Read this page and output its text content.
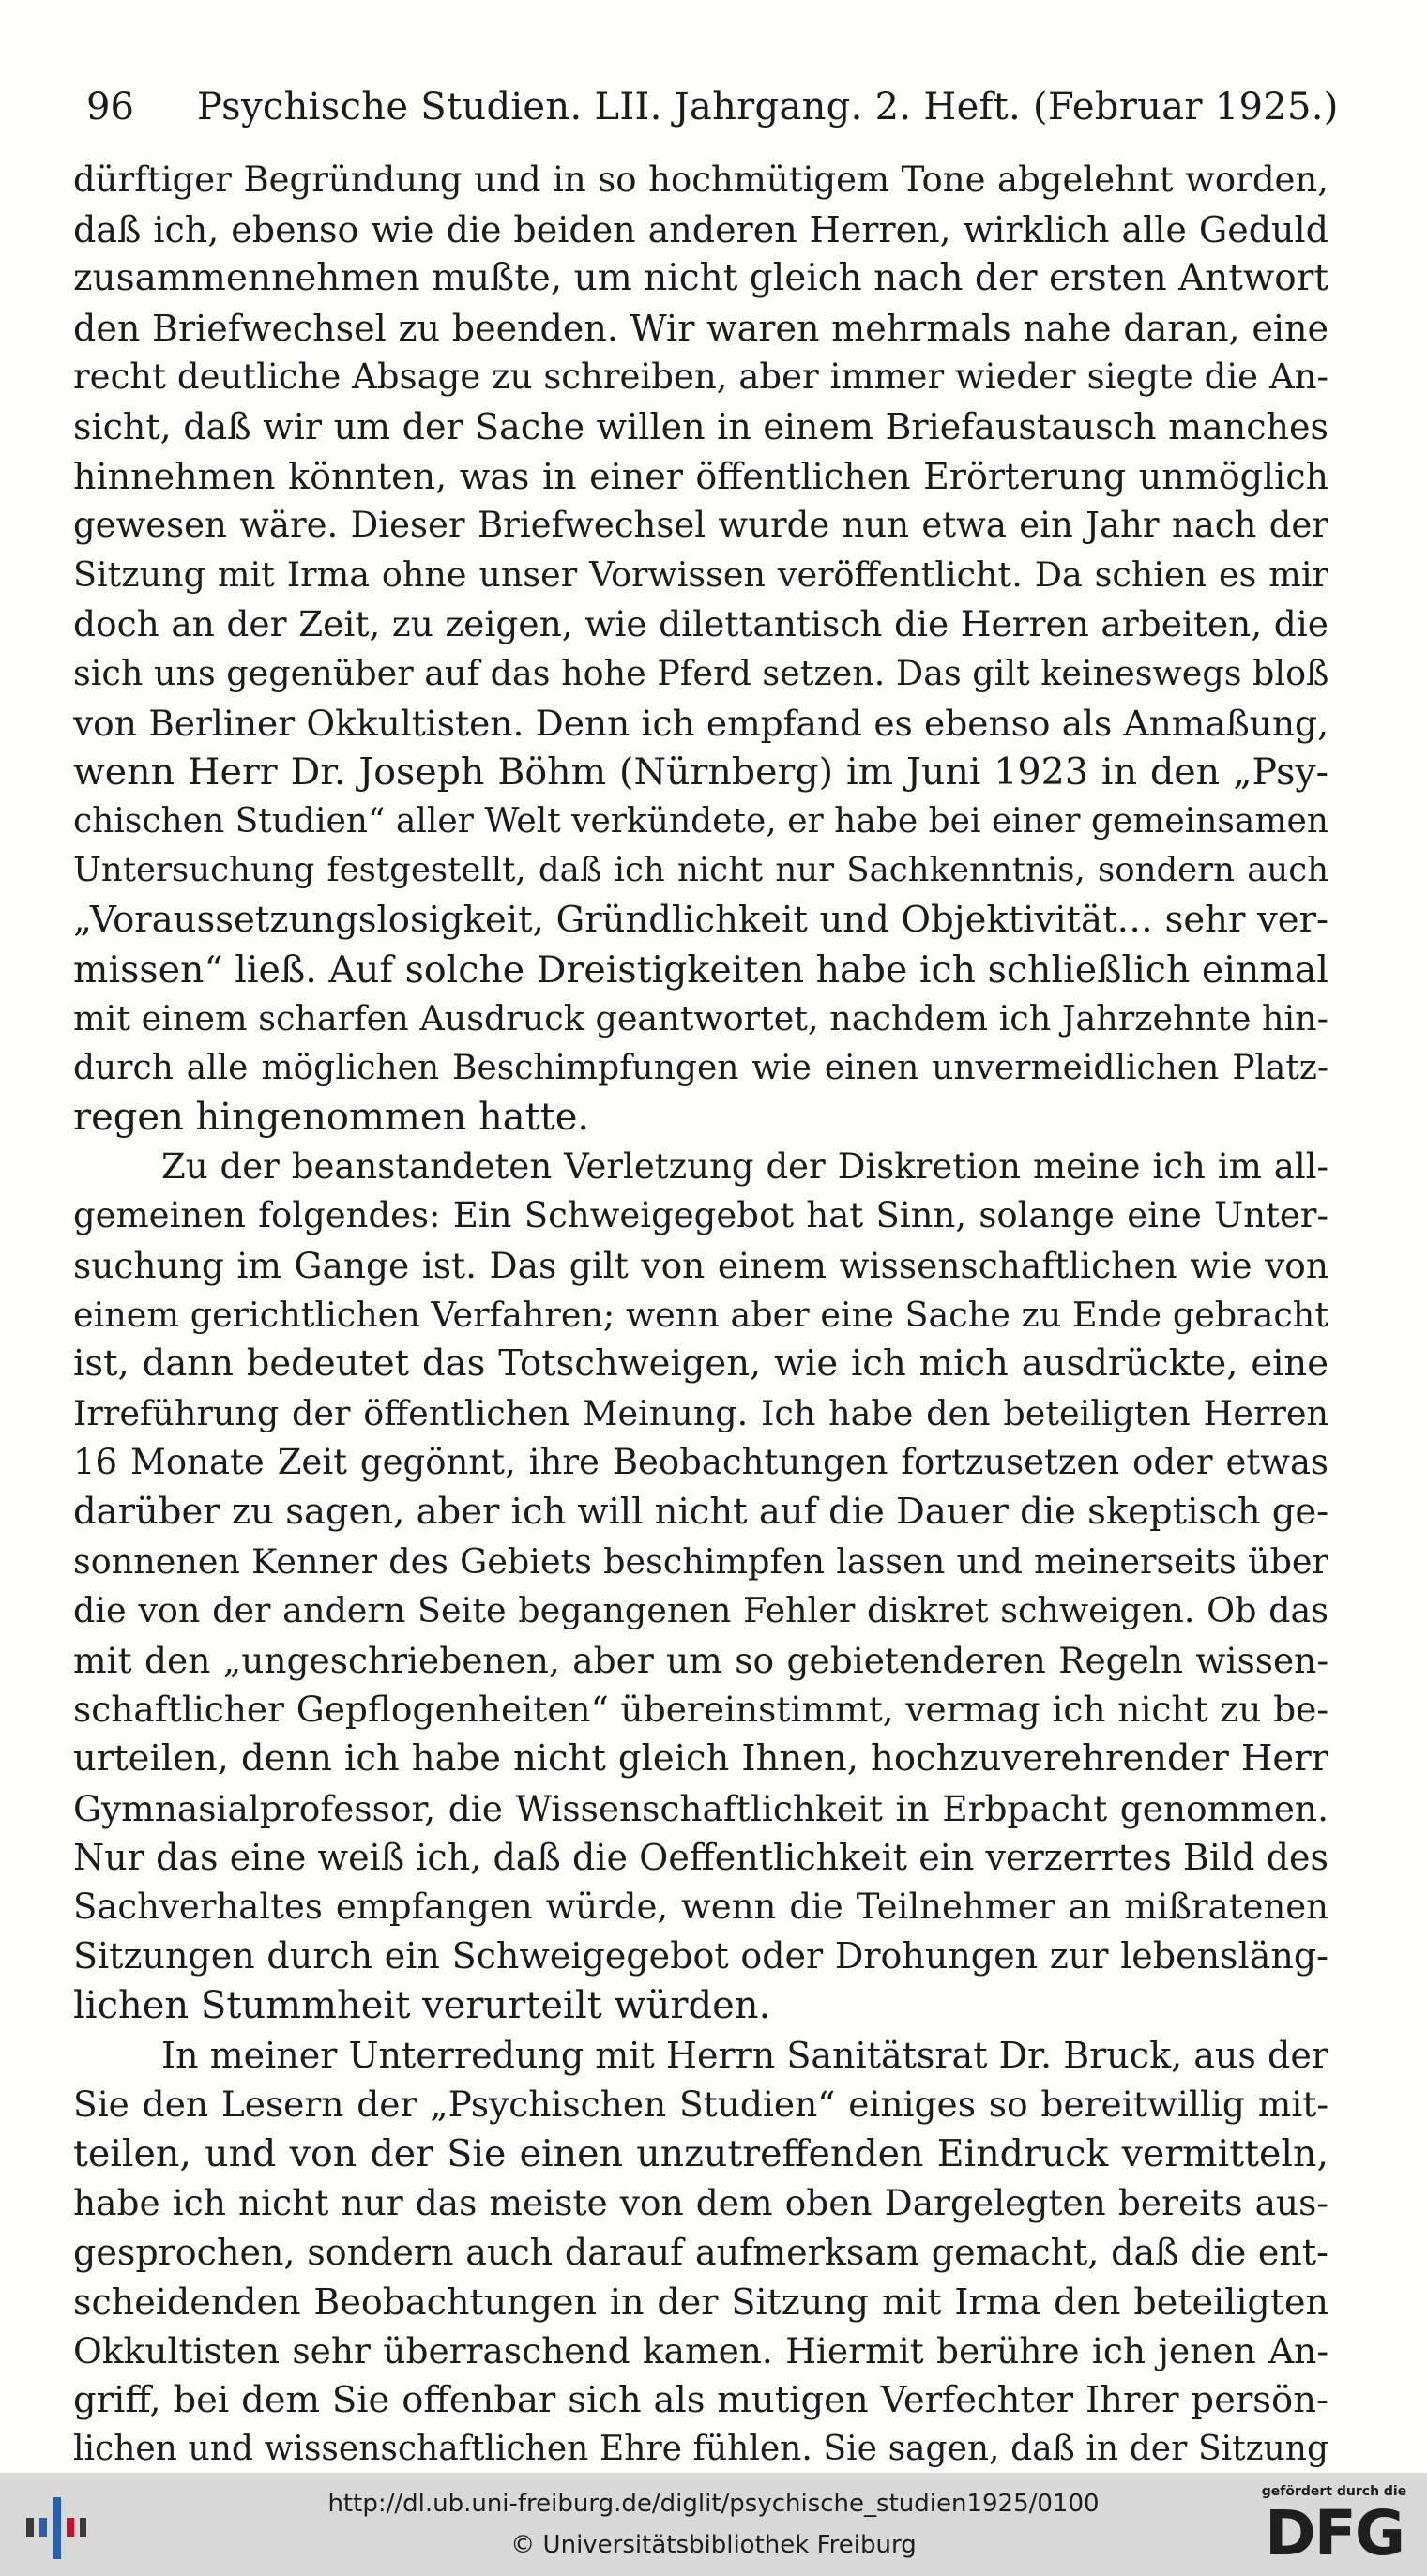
96 Psychische Studien. LII. Jahrgang. 2. Heft. (Februar 1925.)
dürftiger Begründung und in so hochmütigem Tone abgelehnt worden,
daß ich, ebenso wie die beiden anderen Herren, wirklich alle Geduld
zusammennehmen mußte, um nicht gleich nach der ersten Antwort
den Briefwechsel zu beenden. Wir waren mehrmals nahe daran, eine
recht deutliche Absage zu schreiben, aber immer wieder siegte die An-
sicht, daß wir um der Sache willen in einem Briefaustausch manches
hinnehmen könnten, was in einer öffentlichen Erörterung unmöglich
gewesen wäre. Dieser Briefwechsel wurde nun etwa ein Jahr nach der
Sitzung mit Irma ohne unser Vorwissen veröffentlicht. Da schien es mir
doch an der Zeit, zu zeigen, wie dilettantisch die Herren arbeiten, die
sich uns gegenüber auf das hohe Pferd setzen. Das gilt keineswegs bloß
von Berliner Okkultisten. Denn ich empfand es ebenso als Anmaßung,
wenn Herr Dr. Joseph Böhm (Nürnberg) im Juni 1923 in den „Psy-
chischen Studien“ aller Welt verkündete, er habe bei einer gemeinsamen
Untersuchung festgestellt, daß ich nicht nur Sachkenntnis, sondern auch
„Voraussetzungslosigkeit, Gründlichkeit und Objektivität… sehr ver-
missen“ ließ. Auf solche Dreistigkeiten habe ich schließlich einmal
mit einem scharfen Ausdruck geantwortet, nachdem ich Jahrzehnte hin-
durch alle möglichen Beschimpfungen wie einen unvermeidlichen Platz-
regen hingenommen hatte.
Zu der beanstandeten Verletzung der Diskretion meine ich im all-
gemeinen folgendes: Ein Schweigegebot hat Sinn, solange eine Unter-
suchung im Gange ist. Das gilt von einem wissenschaftlichen wie von
einem gerichtlichen Verfahren; wenn aber eine Sache zu Ende gebracht
ist, dann bedeutet das Totschweigen, wie ich mich ausdrückte, eine
Irreführung der öffentlichen Meinung. Ich habe den beteiligten Herren
16 Monate Zeit gegönnt, ihre Beobachtungen fortzusetzen oder etwas
darüber zu sagen, aber ich will nicht auf die Dauer die skeptisch ge-
sonnenen Kenner des Gebiets beschimpfen lassen und meinerseits über
die von der andern Seite begangenen Fehler diskret schweigen. Ob das
mit den „ungeschriebenen, aber um so gebietenderen Regeln wissen-
schaftlicher Gepflogenheiten“ übereinstimmt, vermag ich nicht zu be-
urteilen, denn ich habe nicht gleich Ihnen, hochzuverehrender Herr
Gymnasialprofessor, die Wissenschaftlichkeit in Erbpacht genommen.
Nur das eine weiß ich, daß die Oeffentlichkeit ein verzerrtes Bild des
Sachverhaltes empfangen würde, wenn die Teilnehmer an mißratenen
Sitzungen durch ein Schweigegebot oder Drohungen zur lebensläng-
lichen Stummheit verurteilt würden.
In meiner Unterredung mit Herrn Sanitätsrat Dr. Bruck, aus der
Sie den Lesern der „Psychischen Studien“ einiges so bereitwillig mit-
teilen, und von der Sie einen unzutreffenden Eindruck vermitteln,
habe ich nicht nur das meiste von dem oben Dargelegten bereits aus-
gesprochen, sondern auch darauf aufmerksam gemacht, daß die ent-
scheidenden Beobachtungen in der Sitzung mit Irma den beteiligten
Okkultisten sehr überraschend kamen. Hiermit berühre ich jenen An-
griff, bei dem Sie offenbar sich als mutigen Verfechter Ihrer persön-
lichen und wissenschaftlichen Ehre fühlen. Sie sagen, daß in der Sitzung
http://dl.ub.uni-freiburg.de/diglit/psychische_studien1925/0100
© Universitätsbibliothek Freiburg
gefördert durch die
DFG
